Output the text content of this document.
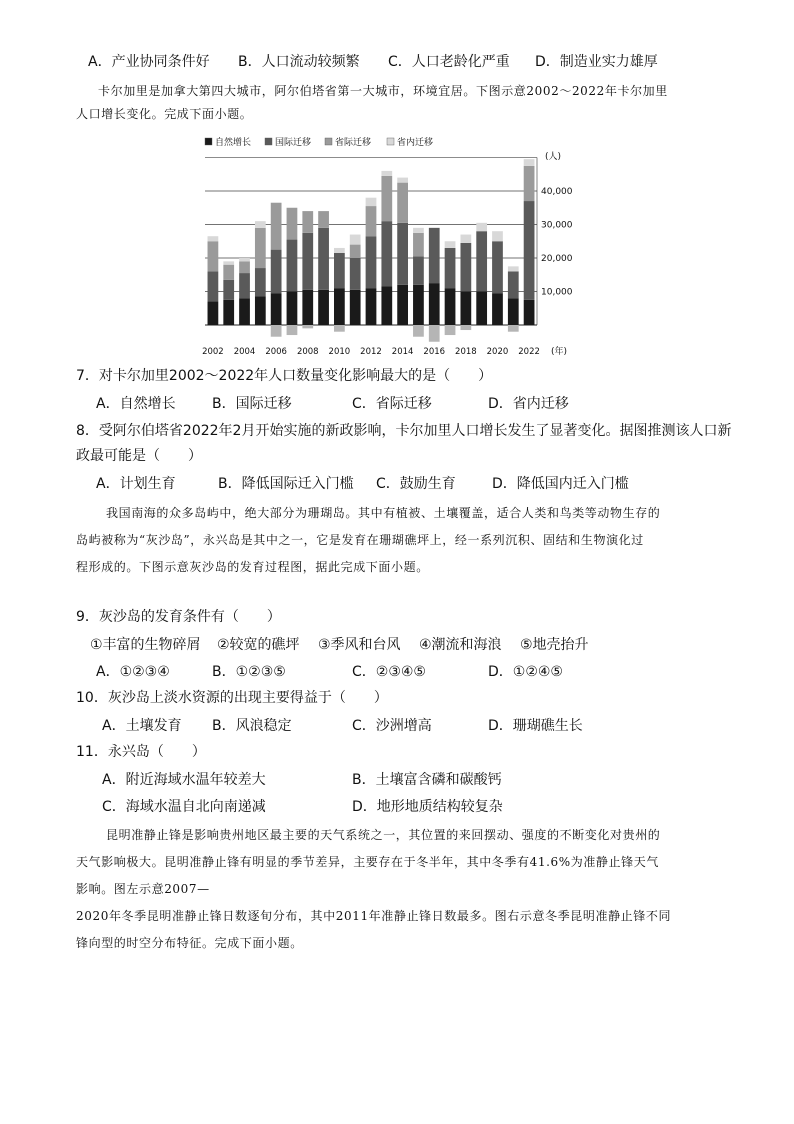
A．产业协同条件好 B．人口流动较频繁 C．人口老龄化严重 D．制造业实力雄厚
卡尔加里是加拿大第四大城市，阿尔伯塔省第一大城市，环境宜居。下图示意2002～2022年卡尔加里
人口增长变化。完成下面小题。
自然增长	国际迁移	省际迁移	省内迁移
10,000
20,000
30,000
40,000
2002 2004 2006 2008 2010 2012 2014 2016 2018 2020 2022
(人)
(年)
7．对卡尔加里2002～2022年人口数量变化影响最大的是（　　）
A．自然增长	B．国际迁移	C．省际迁移	D．省内迁移
8．受阿尔伯塔省2022年2月开始实施的新政影响，卡尔加里人口增长发生了显著变化。据图推测该人口新
政最可能是（　　）
A．计划生育	B．降低国际迁入门槛 C．鼓励生育	D．降低国内迁入门槛
我国南海的众多岛屿中，绝大部分为珊瑚岛。其中有植被、土壤覆盖，适合人类和鸟类等动物生存的
岛屿被称为“灰沙岛”，永兴岛是其中之一，它是发育在珊瑚礁坪上，经一系列沉积、固结和生物演化过
程形成的。下图示意灰沙岛的发育过程图，据此完成下面小题。
9．灰沙岛的发育条件有（　　）
①丰富的生物碎屑 ②较宽的礁坪 ③季风和台风 ④潮流和海浪 ⑤地壳抬升
A．①②③④	B．①②③⑤	C．②③④⑤	D．①②④⑤
10．灰沙岛上淡水资源的出现主要得益于（　　）
A．土壤发育 B．风浪稳定	C．沙洲增高	D．珊瑚礁生长
11．永兴岛（　　）
A．附近海域水温年较差大	B．土壤富含磷和碳酸钙
C．海域水温自北向南递减	D．地形地质结构较复杂
昆明准静止锋是影响贵州地区最主要的天气系统之一，其位置的来回摆动、强度的不断变化对贵州的
天气影响极大。昆明准静止锋有明显的季节差异，主要存在于冬半年，其中冬季有41.6%为准静止锋天气
影响。图左示意2007—
2020年冬季昆明准静止锋日数逐旬分布，其中2011年准静止锋日数最多。图右示意冬季昆明准静止锋不同
锋向型的时空分布特征。完成下面小题。
